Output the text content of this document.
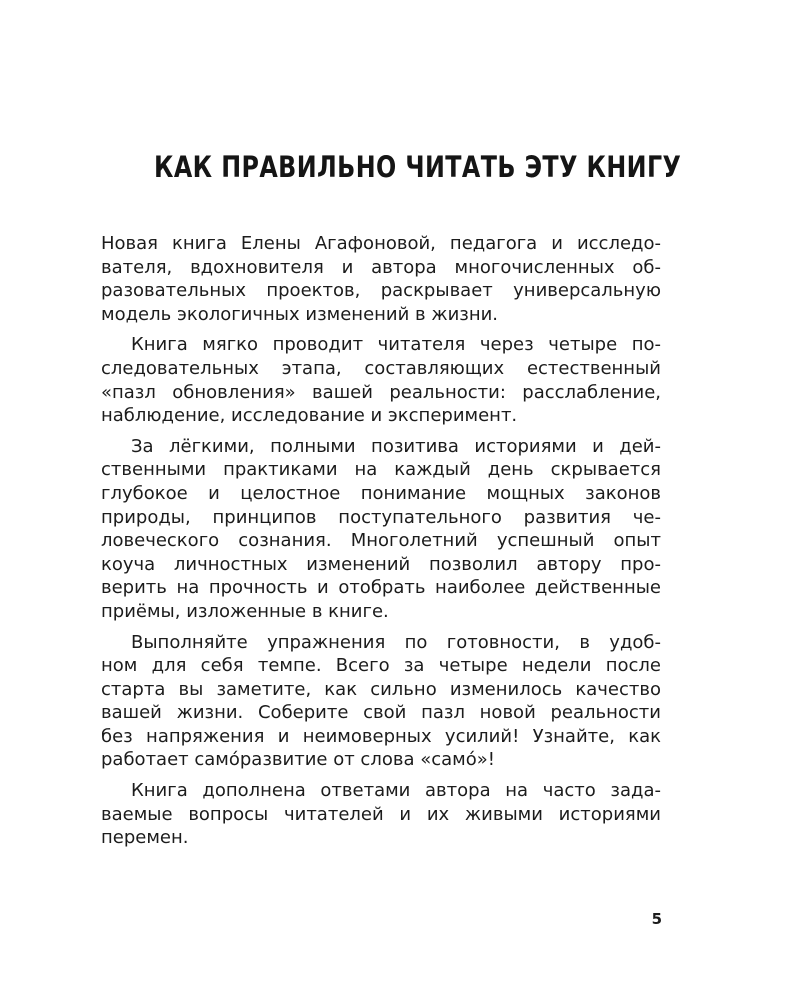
КАК ПРАВИЛЬНО ЧИТАТЬ ЭТУ КНИГУ

Новая книга Елены Агафоновой, педагога и исследо-
вателя, вдохновителя и автора многочисленных об-
разовательных проектов, раскрывает универсальную
модель экологичных изменений в жизни.

Книга мягко проводит читателя через четыре по-
следовательных этапа, составляющих естественный
«пазл обновления» вашей реальности: расслабление,
наблюдение, исследование и эксперимент.

За лёгкими, полными позитива историями и дей-
ственными практиками на каждый день скрывается
глубокое и целостное понимание мощных законов
природы, принципов поступательного развития че-
ловеческого сознания. Многолетний успешный опыт
коуча личностных изменений позволил автору про-
верить на прочность и отобрать наиболее действенные
приёмы, изложенные в книге.

Выполняйте упражнения по готовности, в удоб-
ном для себя темпе. Всего за четыре недели после
старта вы заметите, как сильно изменилось качество
вашей жизни. Соберите свой пазл новой реальности
без напряжения и неимоверных усилий! Узнайте, как
работает само́развитие от слова «само́»!

Книга дополнена ответами автора на часто зада-
ваемые вопросы читателей и их живыми историями
перемен.

5
